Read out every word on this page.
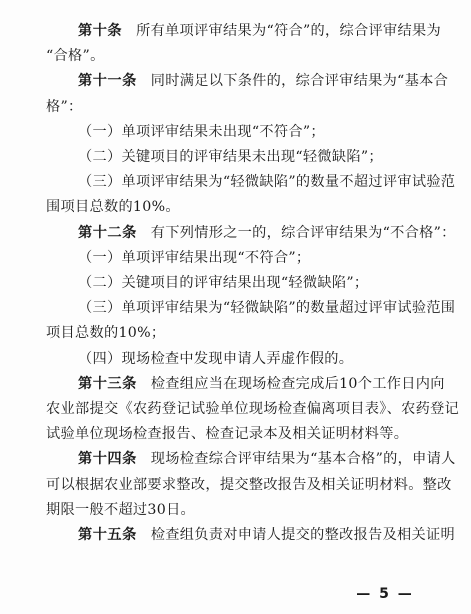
第十条 所有单项评审结果为“符合”的，综合评审结果为
“合格”。
第十一条 同时满足以下条件的，综合评审结果为“基本合
格”：
（一）单项评审结果未出现“不符合”；
（二）关键项目的评审结果未出现“轻微缺陷”；
（三）单项评审结果为“轻微缺陷”的数量不超过评审试验范
围项目总数的10%。
第十二条 有下列情形之一的，综合评审结果为“不合格”：
（一）单项评审结果出现“不符合”；
（二）关键项目的评审结果出现“轻微缺陷”；
（三）单项评审结果为“轻微缺陷”的数量超过评审试验范围
项目总数的10%；
（四）现场检查中发现申请人弄虚作假的。
第十三条 检查组应当在现场检查完成后10个工作日内向
农业部提交《农药登记试验单位现场检查偏离项目表》、农药登记
试验单位现场检查报告、检查记录本及相关证明材料等。
第十四条 现场检查综合评审结果为“基本合格”的，申请人
可以根据农业部要求整改，提交整改报告及相关证明材料。整改
期限一般不超过30日。
第十五条 检查组负责对申请人提交的整改报告及相关证明
— 5 —
